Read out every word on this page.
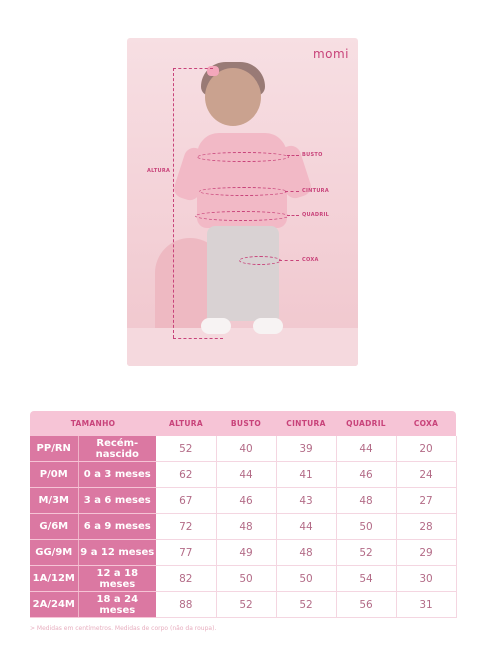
ALTURA
BUSTO
CINTURA
QUADRIL
COXA
momi
TAMANHO		ALTURA	BUSTO	CINTURA	QUADRIL	COXA
PP/RN	Recém-nascido	52	40	39	44	20
P/0M	0 a 3 meses	62	44	41	46	24
M/3M	3 a 6 meses	67	46	43	48	27
G/6M	6 a 9 meses	72	48	44	50	28
GG/9M	9 a 12 meses	77	49	48	52	29
1A/12M	12 a 18 meses	82	50	50	54	30
2A/24M	18 a 24 meses	88	52	52	56	31
> Medidas em centímetros. Medidas de corpo (não da roupa).
